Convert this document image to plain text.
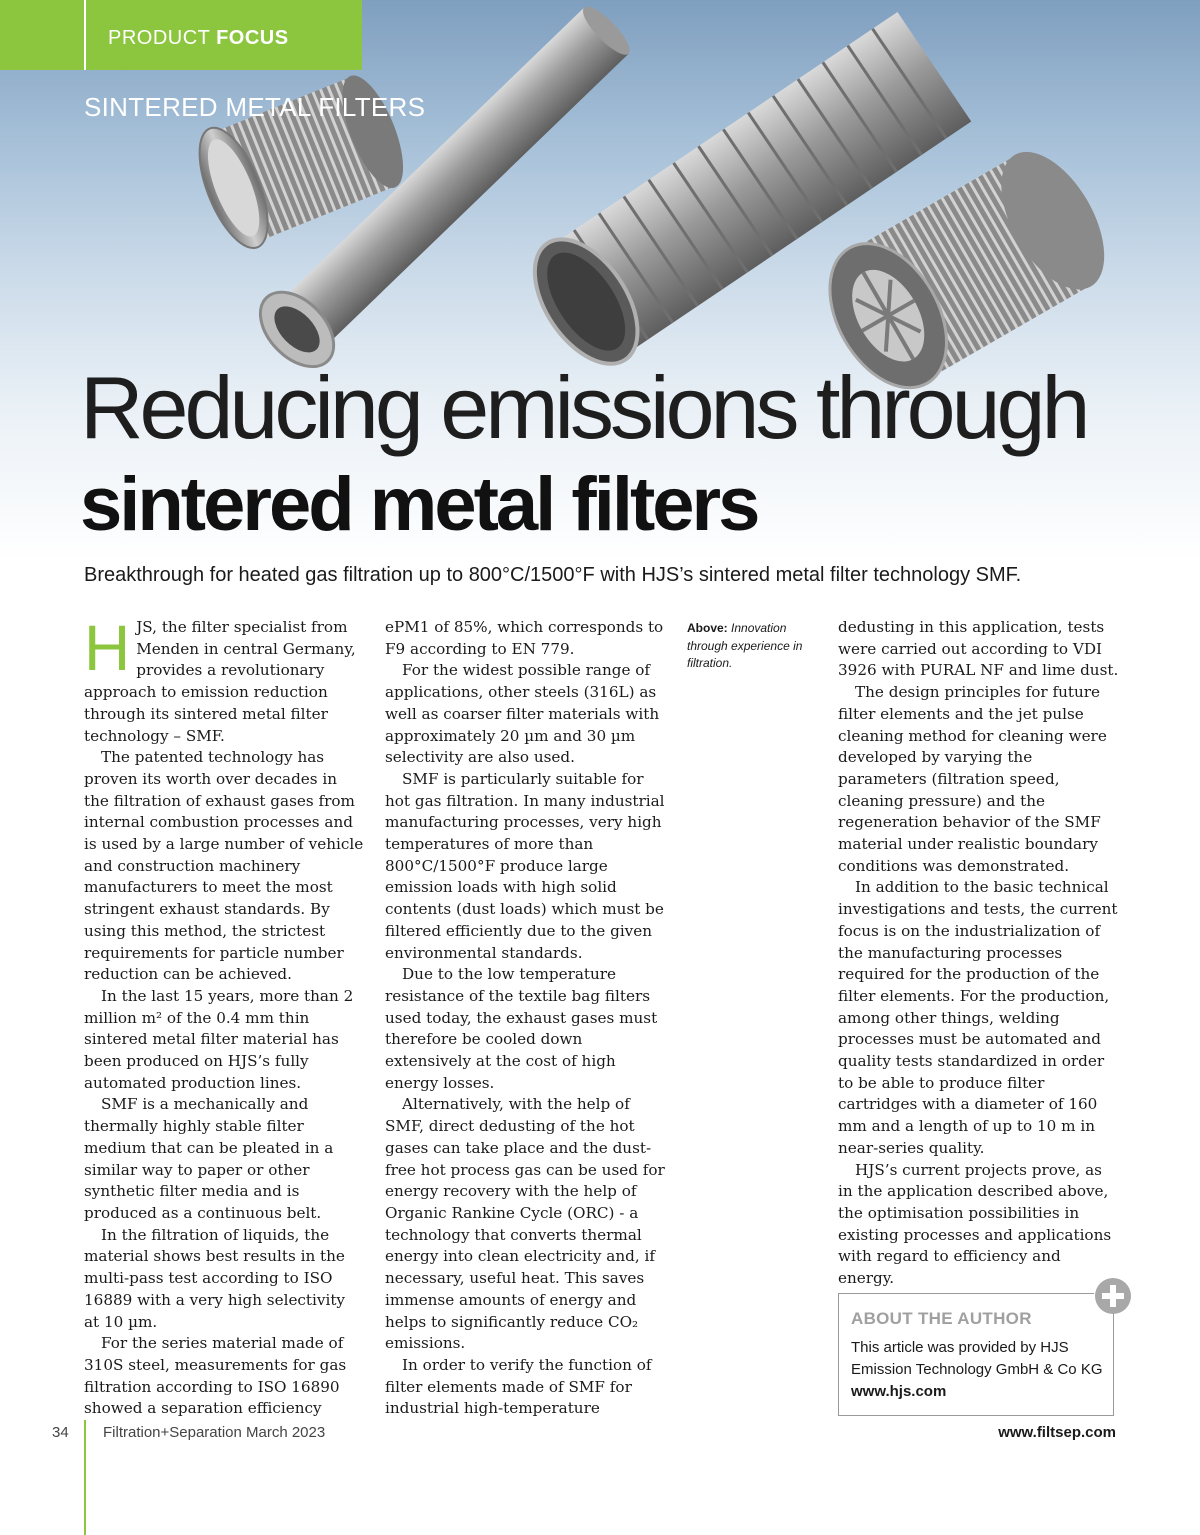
PRODUCT FOCUS
SINTERED METAL FILTERS
Reducing emissions through
sintered metal filters

Breakthrough for heated gas filtration up to 800°C/1500°F with HJS’s sintered metal filter technology SMF.

HJS, the filter specialist from Menden in central Germany, provides a revolutionary approach to emission reduction through its sintered metal filter technology – SMF.

The patented technology has proven its worth over decades in the filtration of exhaust gases from internal combustion processes and is used by a large number of vehicle and construction machinery manufacturers to meet the most stringent exhaust standards. By using this method, the strictest requirements for particle number reduction can be achieved.

In the last 15 years, more than 2 million m² of the 0.4 mm thin sintered metal filter material has been produced on HJS’s fully automated production lines.

SMF is a mechanically and thermally highly stable filter medium that can be pleated in a similar way to paper or other synthetic filter media and is produced as a continuous belt.

In the filtration of liquids, the material shows best results in the multi-pass test according to ISO 16889 with a very high selectivity at 10 µm.

For the series material made of 310S steel, measurements for gas filtration according to ISO 16890 showed a separation efficiency

ePM1 of 85%, which corresponds to F9 according to EN 779.

For the widest possible range of applications, other steels (316L) as well as coarser filter materials with approximately 20 µm and 30 µm selectivity are also used.

SMF is particularly suitable for hot gas filtration. In many industrial manufacturing processes, very high temperatures of more than 800°C/1500°F produce large emission loads with high solid contents (dust loads) which must be filtered efficiently due to the given environmental standards.

Due to the low temperature resistance of the textile bag filters used today, the exhaust gases must therefore be cooled down extensively at the cost of high energy losses.

Alternatively, with the help of SMF, direct dedusting of the hot gases can take place and the dust-free hot process gas can be used for energy recovery with the help of Organic Rankine Cycle (ORC) - a technology that converts thermal energy into clean electricity and, if necessary, useful heat. This saves immense amounts of energy and helps to significantly reduce CO₂ emissions.

In order to verify the function of filter elements made of SMF for industrial high-temperature

Above: Innovation through experience in filtration.

dedusting in this application, tests were carried out according to VDI 3926 with PURAL NF and lime dust.

The design principles for future filter elements and the jet pulse cleaning method for cleaning were developed by varying the parameters (filtration speed, cleaning pressure) and the regeneration behavior of the SMF material under realistic boundary conditions was demonstrated.

In addition to the basic technical investigations and tests, the current focus is on the industrialization of the manufacturing processes required for the production of the filter elements. For the production, among other things, welding processes must be automated and quality tests standardized in order to be able to produce filter cartridges with a diameter of 160 mm and a length of up to 10 m in near-series quality.

HJS’s current projects prove, as in the application described above, the optimisation possibilities in existing processes and applications with regard to efficiency and energy.

ABOUT THE AUTHOR
This article was provided by HJS Emission Technology GmbH & Co KG
www.hjs.com
34 Filtration+Separation March 2023	www.filtsep.com
